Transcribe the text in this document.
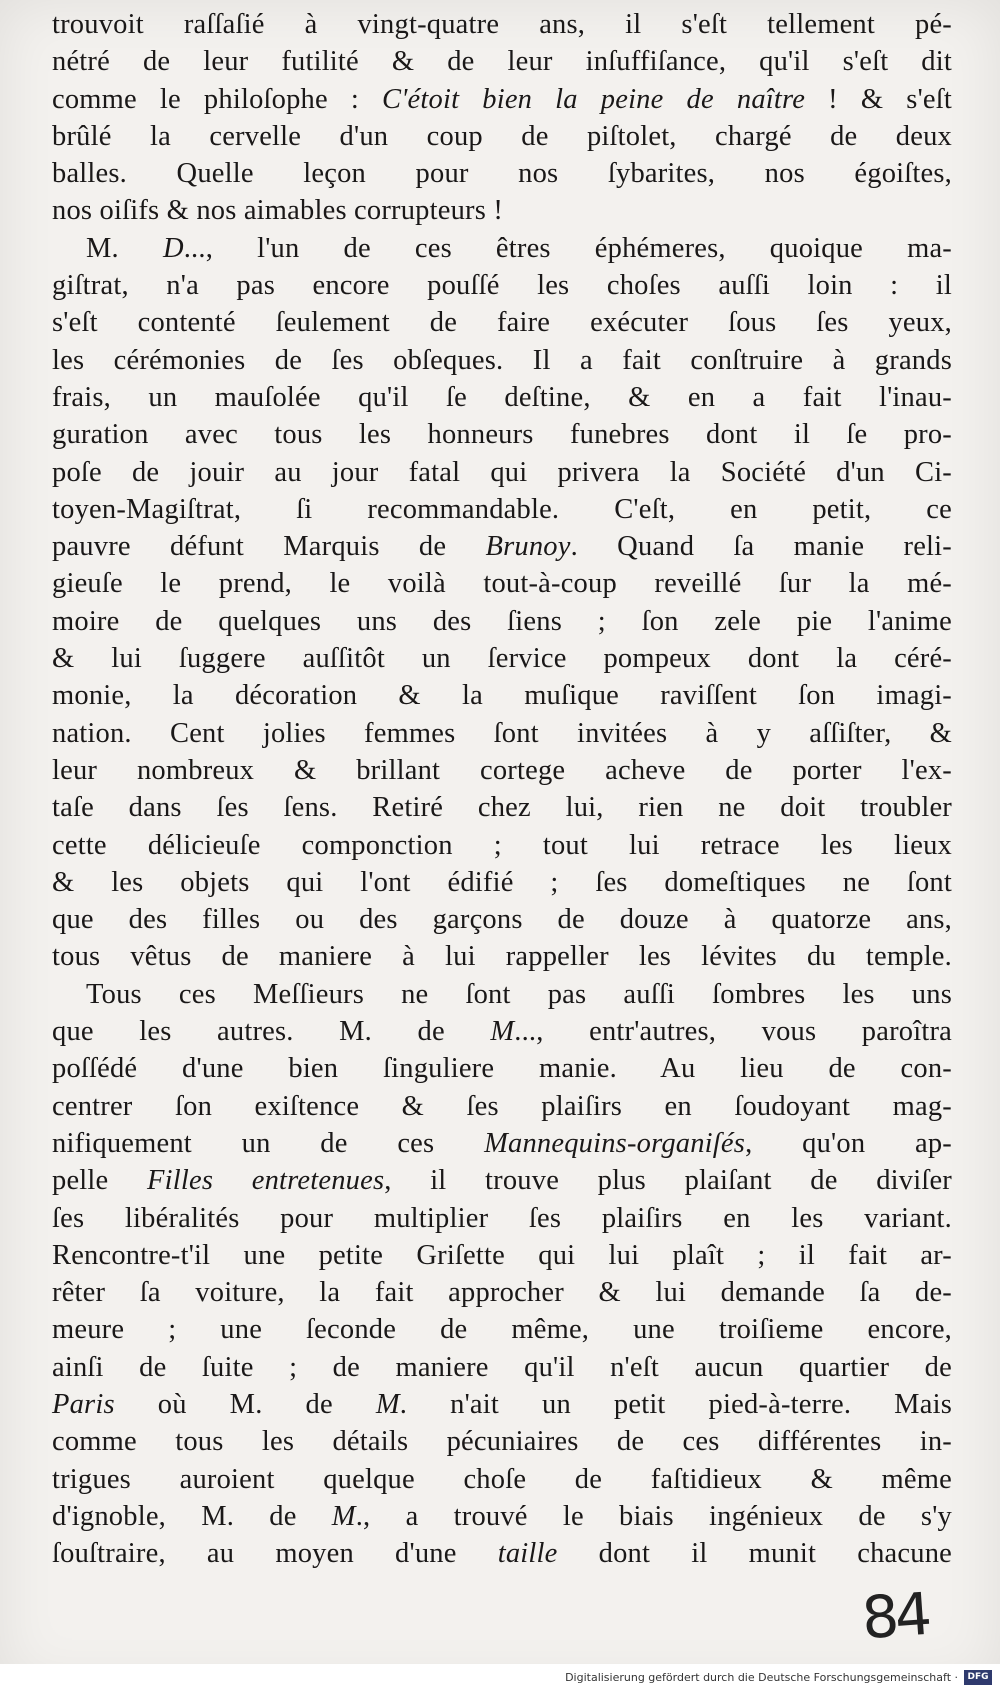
trouvoit raſſaſié à vingt-quatre ans, il s'eſt tellement pé-
nétré de leur futilité & de leur inſuffiſance, qu'il s'eſt dit
comme le philoſophe : C'étoit bien la peine de naître ! & s'eſt
brûlé la cervelle d'un coup de piſtolet, chargé de deux
balles. Quelle leçon pour nos ſybarites, nos égoiſtes,
nos oiſifs & nos aimables corrupteurs !
M. D..., l'un de ces êtres éphémeres, quoique ma-
giſtrat, n'a pas encore pouſſé les choſes auſſi loin : il
s'eſt contenté ſeulement de faire exécuter ſous ſes yeux,
les cérémonies de ſes obſeques. Il a fait conſtruire à grands
frais, un mauſolée qu'il ſe deſtine, & en a fait l'inau-
guration avec tous les honneurs funebres dont il ſe pro-
poſe de jouir au jour fatal qui privera la Société d'un Ci-
toyen-Magiſtrat, ſi recommandable. C'eſt, en petit, ce
pauvre défunt Marquis de Brunoy. Quand ſa manie reli-
gieuſe le prend, le voilà tout-à-coup reveillé ſur la mé-
moire de quelques uns des ſiens ; ſon zele pie l'anime
& lui ſuggere auſſitôt un ſervice pompeux dont la céré-
monie, la décoration & la muſique raviſſent ſon imagi-
nation. Cent jolies femmes ſont invitées à y aſſiſter, &
leur nombreux & brillant cortege acheve de porter l'ex-
taſe dans ſes ſens. Retiré chez lui, rien ne doit troubler
cette délicieuſe componction ; tout lui retrace les lieux
& les objets qui l'ont édifié ; ſes domeſtiques ne ſont
que des filles ou des garçons de douze à quatorze ans,
tous vêtus de maniere à lui rappeller les lévites du temple.
Tous ces Meſſieurs ne ſont pas auſſi ſombres les uns
que les autres. M. de M..., entr'autres, vous paroîtra
poſſédé d'une bien ſinguliere manie. Au lieu de con-
centrer ſon exiſtence & ſes plaiſirs en ſoudoyant mag-
nifiquement un de ces Mannequins-organiſés, qu'on ap-
pelle Filles entretenues, il trouve plus plaiſant de diviſer
ſes libéralités pour multiplier ſes plaiſirs en les variant.
Rencontre-t'il une petite Griſette qui lui plaît ; il fait ar-
rêter ſa voiture, la fait approcher & lui demande ſa de-
meure ; une ſeconde de même, une troiſieme encore,
ainſi de ſuite ; de maniere qu'il n'eſt aucun quartier de
Paris où M. de M. n'ait un petit pied-à-terre. Mais
comme tous les détails pécuniaires de ces différentes in-
trigues auroient quelque choſe de faſtidieux & même
d'ignoble, M. de M., a trouvé le biais ingénieux de s'y
ſouſtraire, au moyen d'une taille dont il munit chacune
84
Digitalisierung gefördert durch die Deutsche Forschungsgemeinschaft ·	DFG
